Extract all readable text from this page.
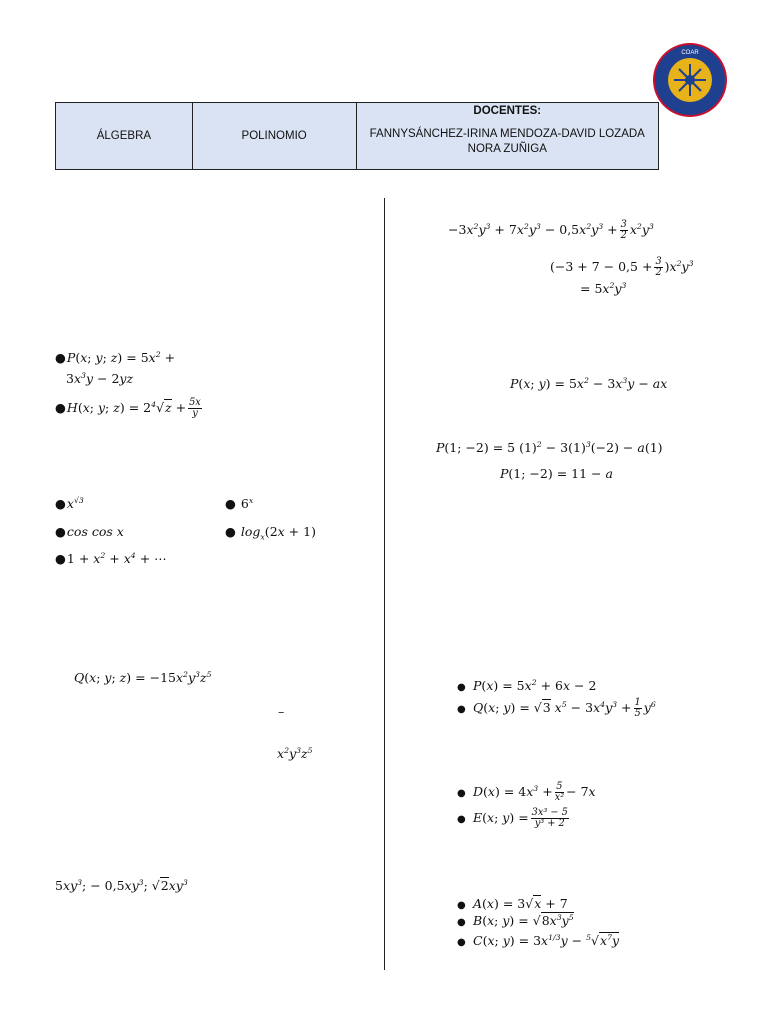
COAR
ÁLGEBRA	POLINOMIO	
DOCENTES:
FANNYSÁNCHEZ-IRINA MENDOZA-DAVID LOZADA
NORA ZUÑIGA
●P(x; y; $z) = 5x^2$ +
$3x^3y - 2yz$
●H(x; y; $z) = 2^4√z + \frac{5x}{y}$
$●x^{√3}$	● 6$^x$
●cos cos x	● $\log_x(2x + 1)$
●1 + $x^2 + x^4$ + ⋯
Q(x; y; $z) = -15x^2y^3z^5$
–
$x^2y^3z^5$
$5xy^3$; − $0,5xy^3$; $√2xy^3$
$-3x^2y^3 + 7x^2y^3 - 0,5x^2y^3 + \frac{3}{2} x^2y^3$
$(-3 + 7 - 0,5 + \frac{3}{2} )x^2y^3$
= $5x^2y^3$
P(x; $y) = 5x^2 - 3x^3y$ − ax
P(1; −2) = 5 $(1)^2 - 3(1)^3(-2) - a(1)$
P(1; −2) = 11 − a
● $P(x) = 5x^2 + 6x - 2$
● Q(x; y) = √3 $x^5 - 3x^4y^3 + \frac{1}{5} y^6$
● $D(x) = 4x^3 + \frac{5}{\text{x²}} - 7x$
● E(x; $y) = \frac{\text{3x³ − 5}}{\text{y³ + 2}}$
● A(x) = 3√x + 7
● B(x; $y) = √8x^3y^5$
● C(x; $y) = 3x^{1/3}y - ^5√x^7y$
